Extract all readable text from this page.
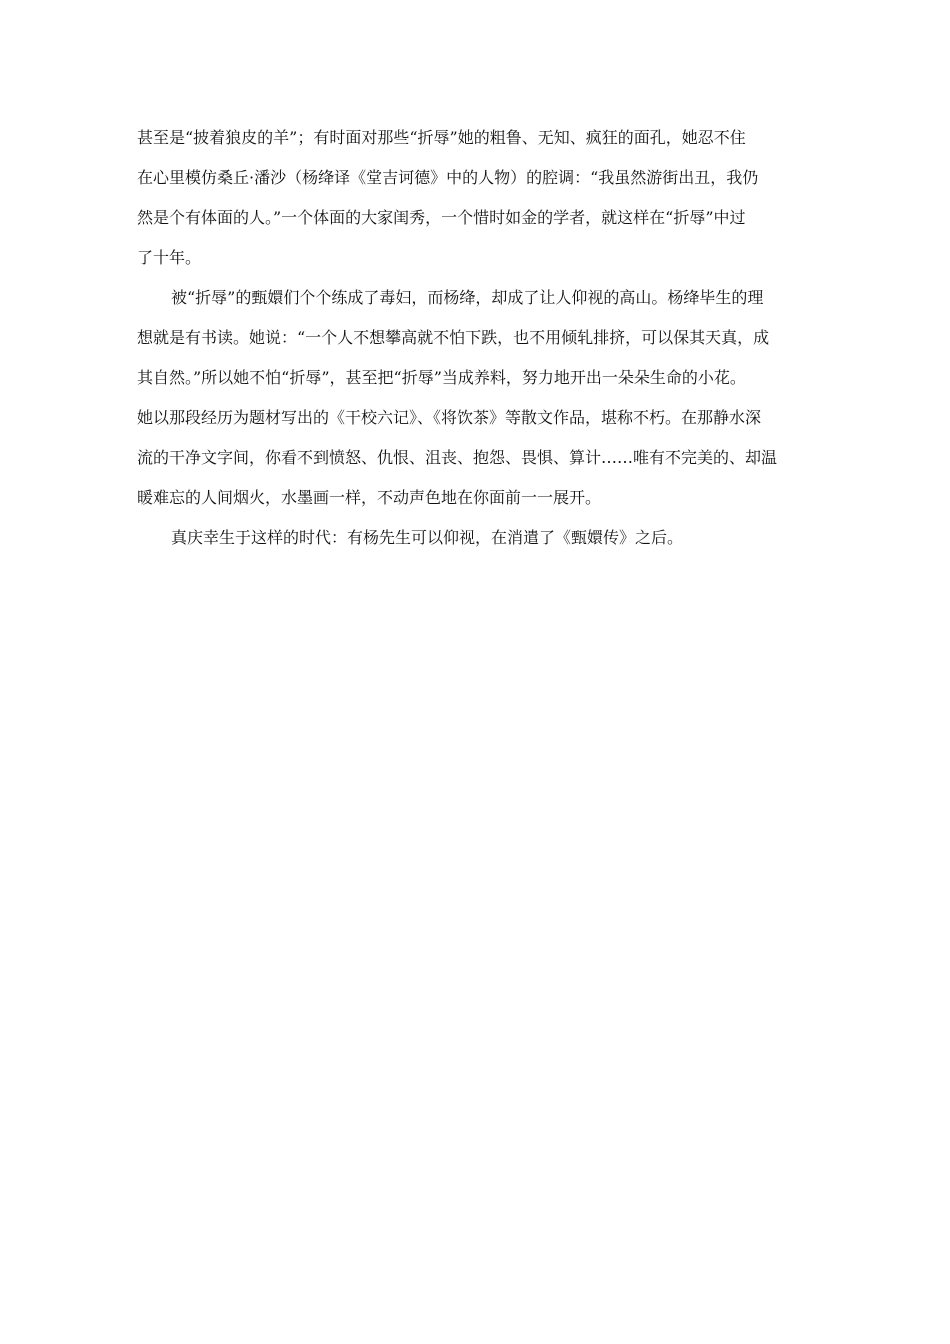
甚至是“披着狼皮的羊”；有时面对那些“折辱”她的粗鲁、无知、疯狂的面孔，她忍不住
在心里模仿桑丘·潘沙（杨绛译《堂吉诃德》中的人物）的腔调：“我虽然游街出丑，我仍
然是个有体面的人。”一个体面的大家闺秀，一个惜时如金的学者，就这样在“折辱”中过
了十年。
被“折辱”的甄嬛们个个练成了毒妇，而杨绛，却成了让人仰视的高山。杨绛毕生的理
想就是有书读。她说：“一个人不想攀高就不怕下跌，也不用倾轧排挤，可以保其天真，成
其自然。”所以她不怕“折辱”，甚至把“折辱”当成养料，努力地开出一朵朵生命的小花。
她以那段经历为题材写出的《干校六记》、《将饮茶》等散文作品，堪称不朽。在那静水深
流的干净文字间，你看不到愤怒、仇恨、沮丧、抱怨、畏惧、算计……唯有不完美的、却温
暖难忘的人间烟火，水墨画一样，不动声色地在你面前一一展开。
真庆幸生于这样的时代：有杨先生可以仰视，在消遣了《甄嬛传》之后。
